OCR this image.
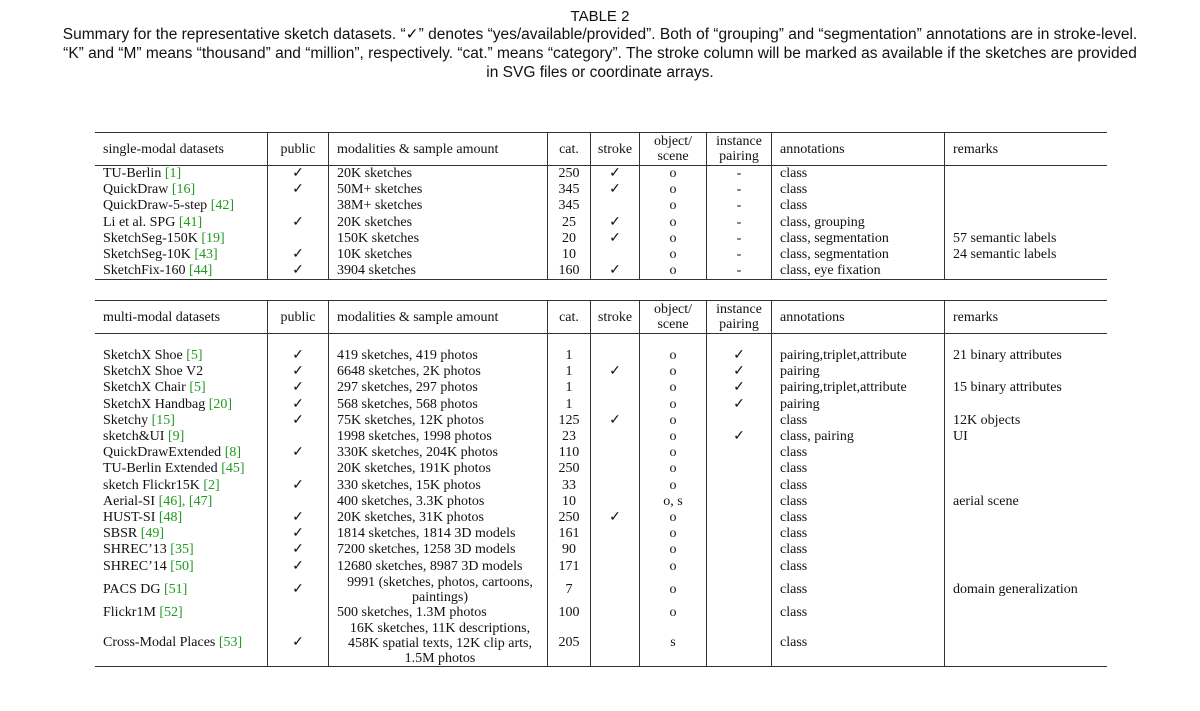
TABLE 2
Summary for the representative sketch datasets. “✓” denotes “yes/available/provided”. Both of “grouping” and “segmentation” annotations are in stroke-level. “K” and “M” means “thousand” and “million”, respectively. “cat.” means “category”. The stroke column will be marked as available if the sketches are provided in SVG files or coordinate arrays.
single-modal datasets	public	modalities & sample amount	cat.	stroke	object/ scene	instance pairing	annotations	remarks
TU-Berlin [1]	✓	20K sketches	250	✓	o	-	class	
QuickDraw [16]	✓	50M+ sketches	345	✓	o	-	class	
QuickDraw-5-step [42]		38M+ sketches	345		o	-	class	
Li et al. SPG [41]	✓	20K sketches	25	✓	o	-	class, grouping	
SketchSeg-150K [19]		150K sketches	20	✓	o	-	class, segmentation	57 semantic labels
SketchSeg-10K [43]	✓	10K sketches	10		o	-	class, segmentation	24 semantic labels
SketchFix-160 [44]	✓	3904 sketches	160	✓	o	-	class, eye fixation	
multi-modal datasets	public	modalities & sample amount	cat.	stroke	object/ scene	instance pairing	annotations	remarks

SketchX Shoe [5]	✓	419 sketches, 419 photos	1		o	✓	pairing,triplet,attribute	21 binary attributes
SketchX Shoe V2	✓	6648 sketches, 2K photos	1	✓	o	✓	pairing	
SketchX Chair [5]	✓	297 sketches, 297 photos	1		o	✓	pairing,triplet,attribute	15 binary attributes
SketchX Handbag [20]	✓	568 sketches, 568 photos	1		o	✓	pairing	
Sketchy [15]	✓	75K sketches, 12K photos	125	✓	o		class	12K objects
sketch&UI [9]		1998 sketches, 1998 photos	23		o	✓	class, pairing	UI
QuickDrawExtended [8]	✓	330K sketches, 204K photos	110		o		class	
TU-Berlin Extended [45]		20K sketches, 191K photos	250		o		class	
sketch Flickr15K [2]	✓	330 sketches, 15K photos	33		o		class	
Aerial-SI [46], [47]		400 sketches, 3.3K photos	10		o, s		class	aerial scene
HUST-SI [48]	✓	20K sketches, 31K photos	250	✓	o		class	
SBSR [49]	✓	1814 sketches, 1814 3D models	161		o		class	
SHREC’13 [35]	✓	7200 sketches, 1258 3D models	90		o		class	
SHREC’14 [50]	✓	12680 sketches, 8987 3D models	171		o		class	
PACS DG [51]	✓	9991 (sketches, photos, cartoons, paintings)	7		o		class	domain generalization
Flickr1M [52]		500 sketches, 1.3M photos	100		o		class	
Cross-Modal Places [53]	✓	16K sketches, 11K descriptions, 458K spatial texts, 12K clip arts, 1.5M photos	205		s		class	
